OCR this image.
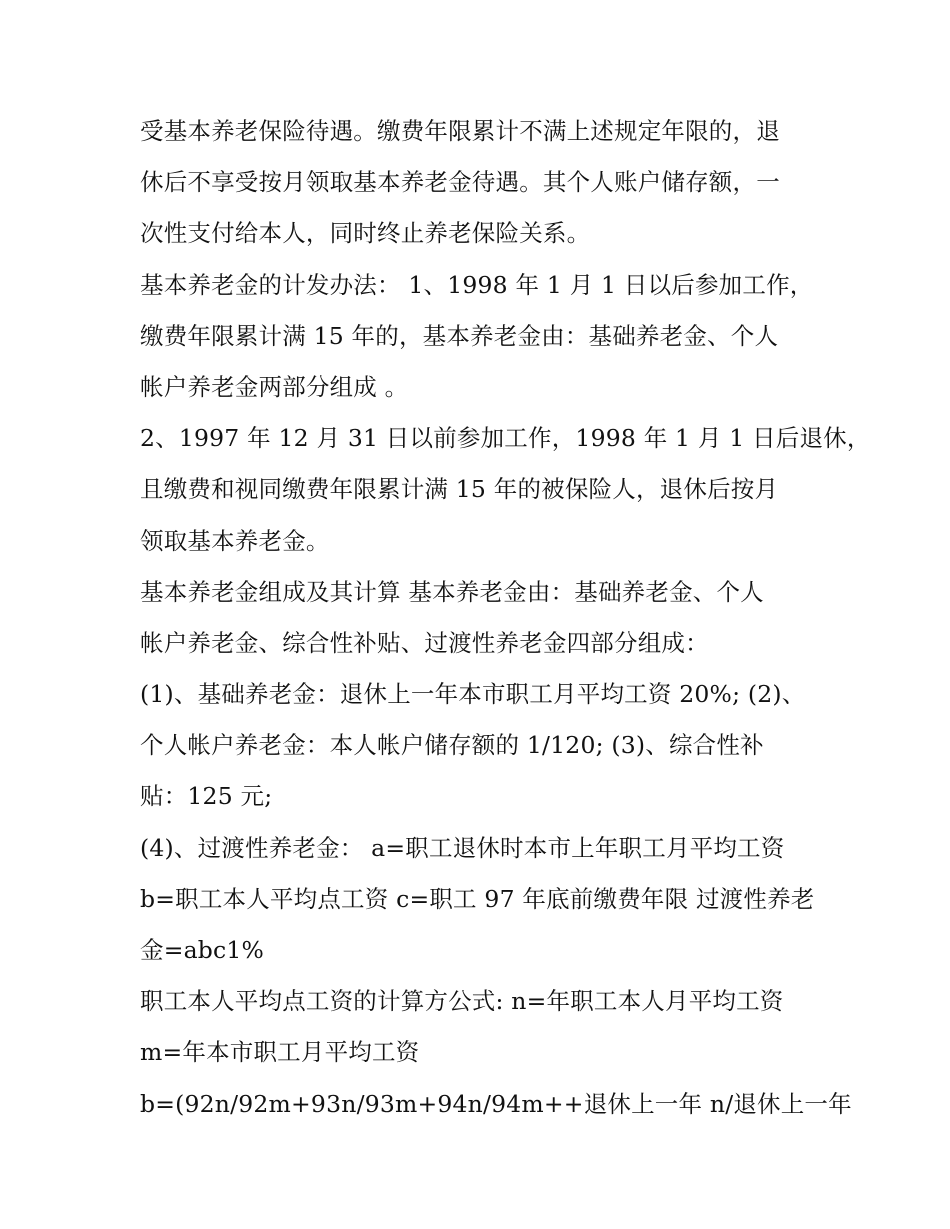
受基本养老保险待遇。缴费年限累计不满上述规定年限的，退
休后不享受按月领取基本养老金待遇。其个人账户储存额，一
次性支付给本人，同时终止养老保险关系。
基本养老金的计发办法： 1、1998 年 1 月 1 日以后参加工作，
缴费年限累计满 15 年的，基本养老金由：基础养老金、个人
帐户养老金两部分组成 。
2、1997 年 12 月 31 日以前参加工作，1998 年 1 月 1 日后退休，
且缴费和视同缴费年限累计满 15 年的被保险人，退休后按月
领取基本养老金。
基本养老金组成及其计算 基本养老金由：基础养老金、个人
帐户养老金、综合性补贴、过渡性养老金四部分组成：
(1)、基础养老金：退休上一年本市职工月平均工资 20%; (2)、
个人帐户养老金：本人帐户储存额的 1/120; (3)、综合性补
贴：125 元;
(4)、过渡性养老金： a=职工退休时本市上年职工月平均工资
b=职工本人平均点工资 c=职工 97 年底前缴费年限 过渡性养老
金=abc1%
职工本人平均点工资的计算方公式: n=年职工本人月平均工资
m=年本市职工月平均工资
b=(92n/92m+93n/93m+94n/94m++退休上一年 n/退休上一年
